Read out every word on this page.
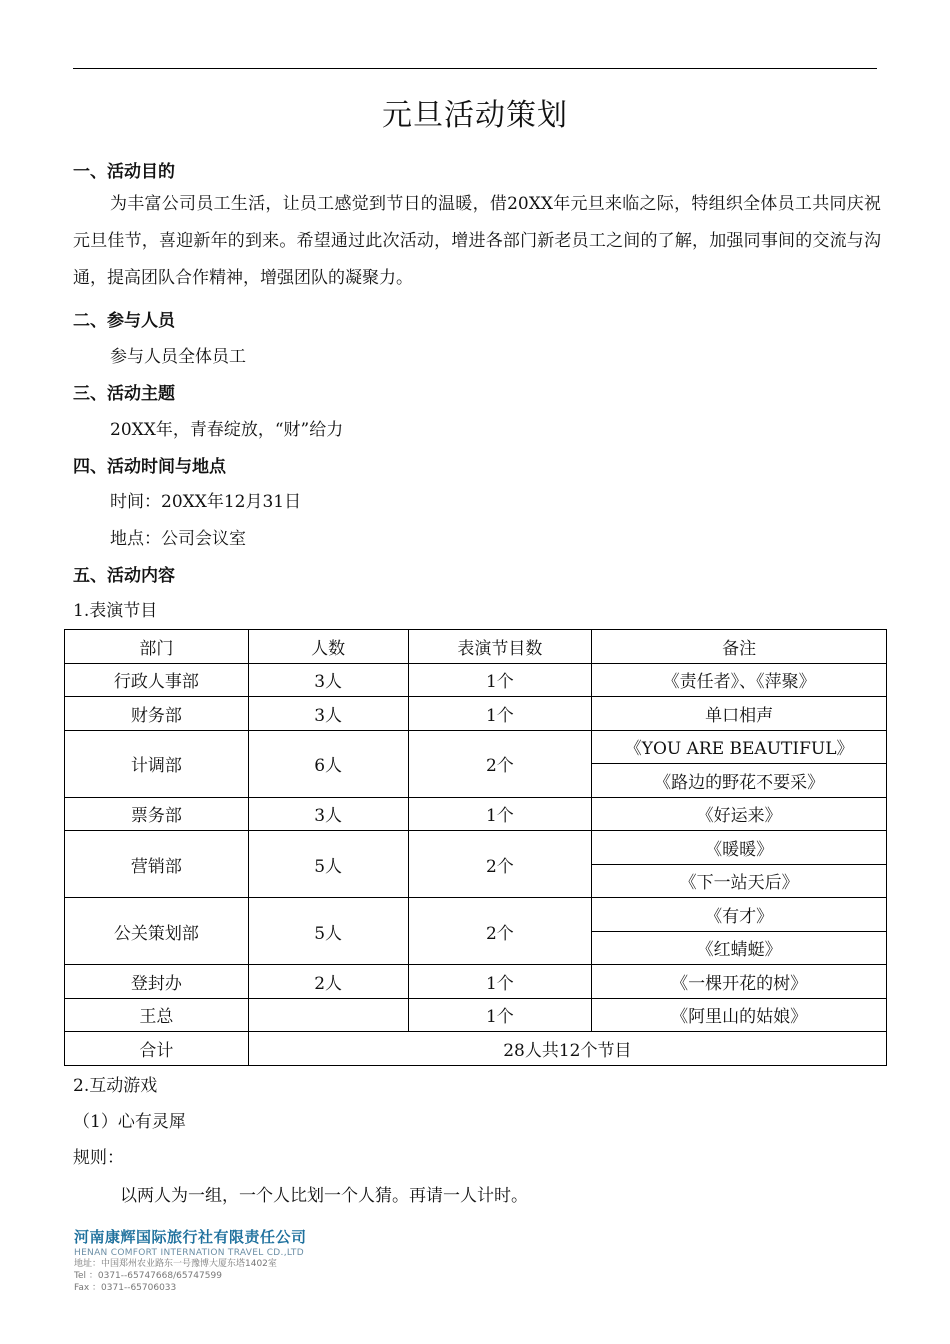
元旦活动策划
一、活动目的
为丰富公司员工生活，让员工感觉到节日的温暖，借20XX年元旦来临之际，特组织全体员工共同庆祝元旦佳节，喜迎新年的到来。希望通过此次活动，增进各部门新老员工之间的了解，加强同事间的交流与沟通，提高团队合作精神，增强团队的凝聚力。
二、参与人员
参与人员全体员工
三、活动主题
20XX年，青春绽放，“财”给力
四、活动时间与地点
时间：20XX年12月31日
地点：公司会议室
五、活动内容
1.表演节目
部门	人数	表演节目数	备注
行政人事部	3人	1个	《责任者》、《萍聚》
财务部	3人	1个	单口相声
计调部	6人	2个	《YOU ARE BEAUTIFUL》
			《路边的野花不要采》
票务部	3人	1个	《好运来》
营销部	5人	2个	《暖暖》
			《下一站天后》
公关策划部	5人	2个	《有才》
			《红蜻蜓》
登封办	2人	1个	《一棵开花的树》
王总		1个	《阿里山的姑娘》
合计	28人共12个节目		
2.互动游戏
（1）心有灵犀
规则：
以两人为一组，一个人比划一个人猜。再请一人计时。
河南康辉国际旅行社有限责任公司
HENAN COMFORT INTERNATION TRAVEL CD.,LTD
地址：中国郑州农业路东一号豫博大厦东塔1402室
Tel ：0371--65747668/65747599
Fax ：0371--65706033
